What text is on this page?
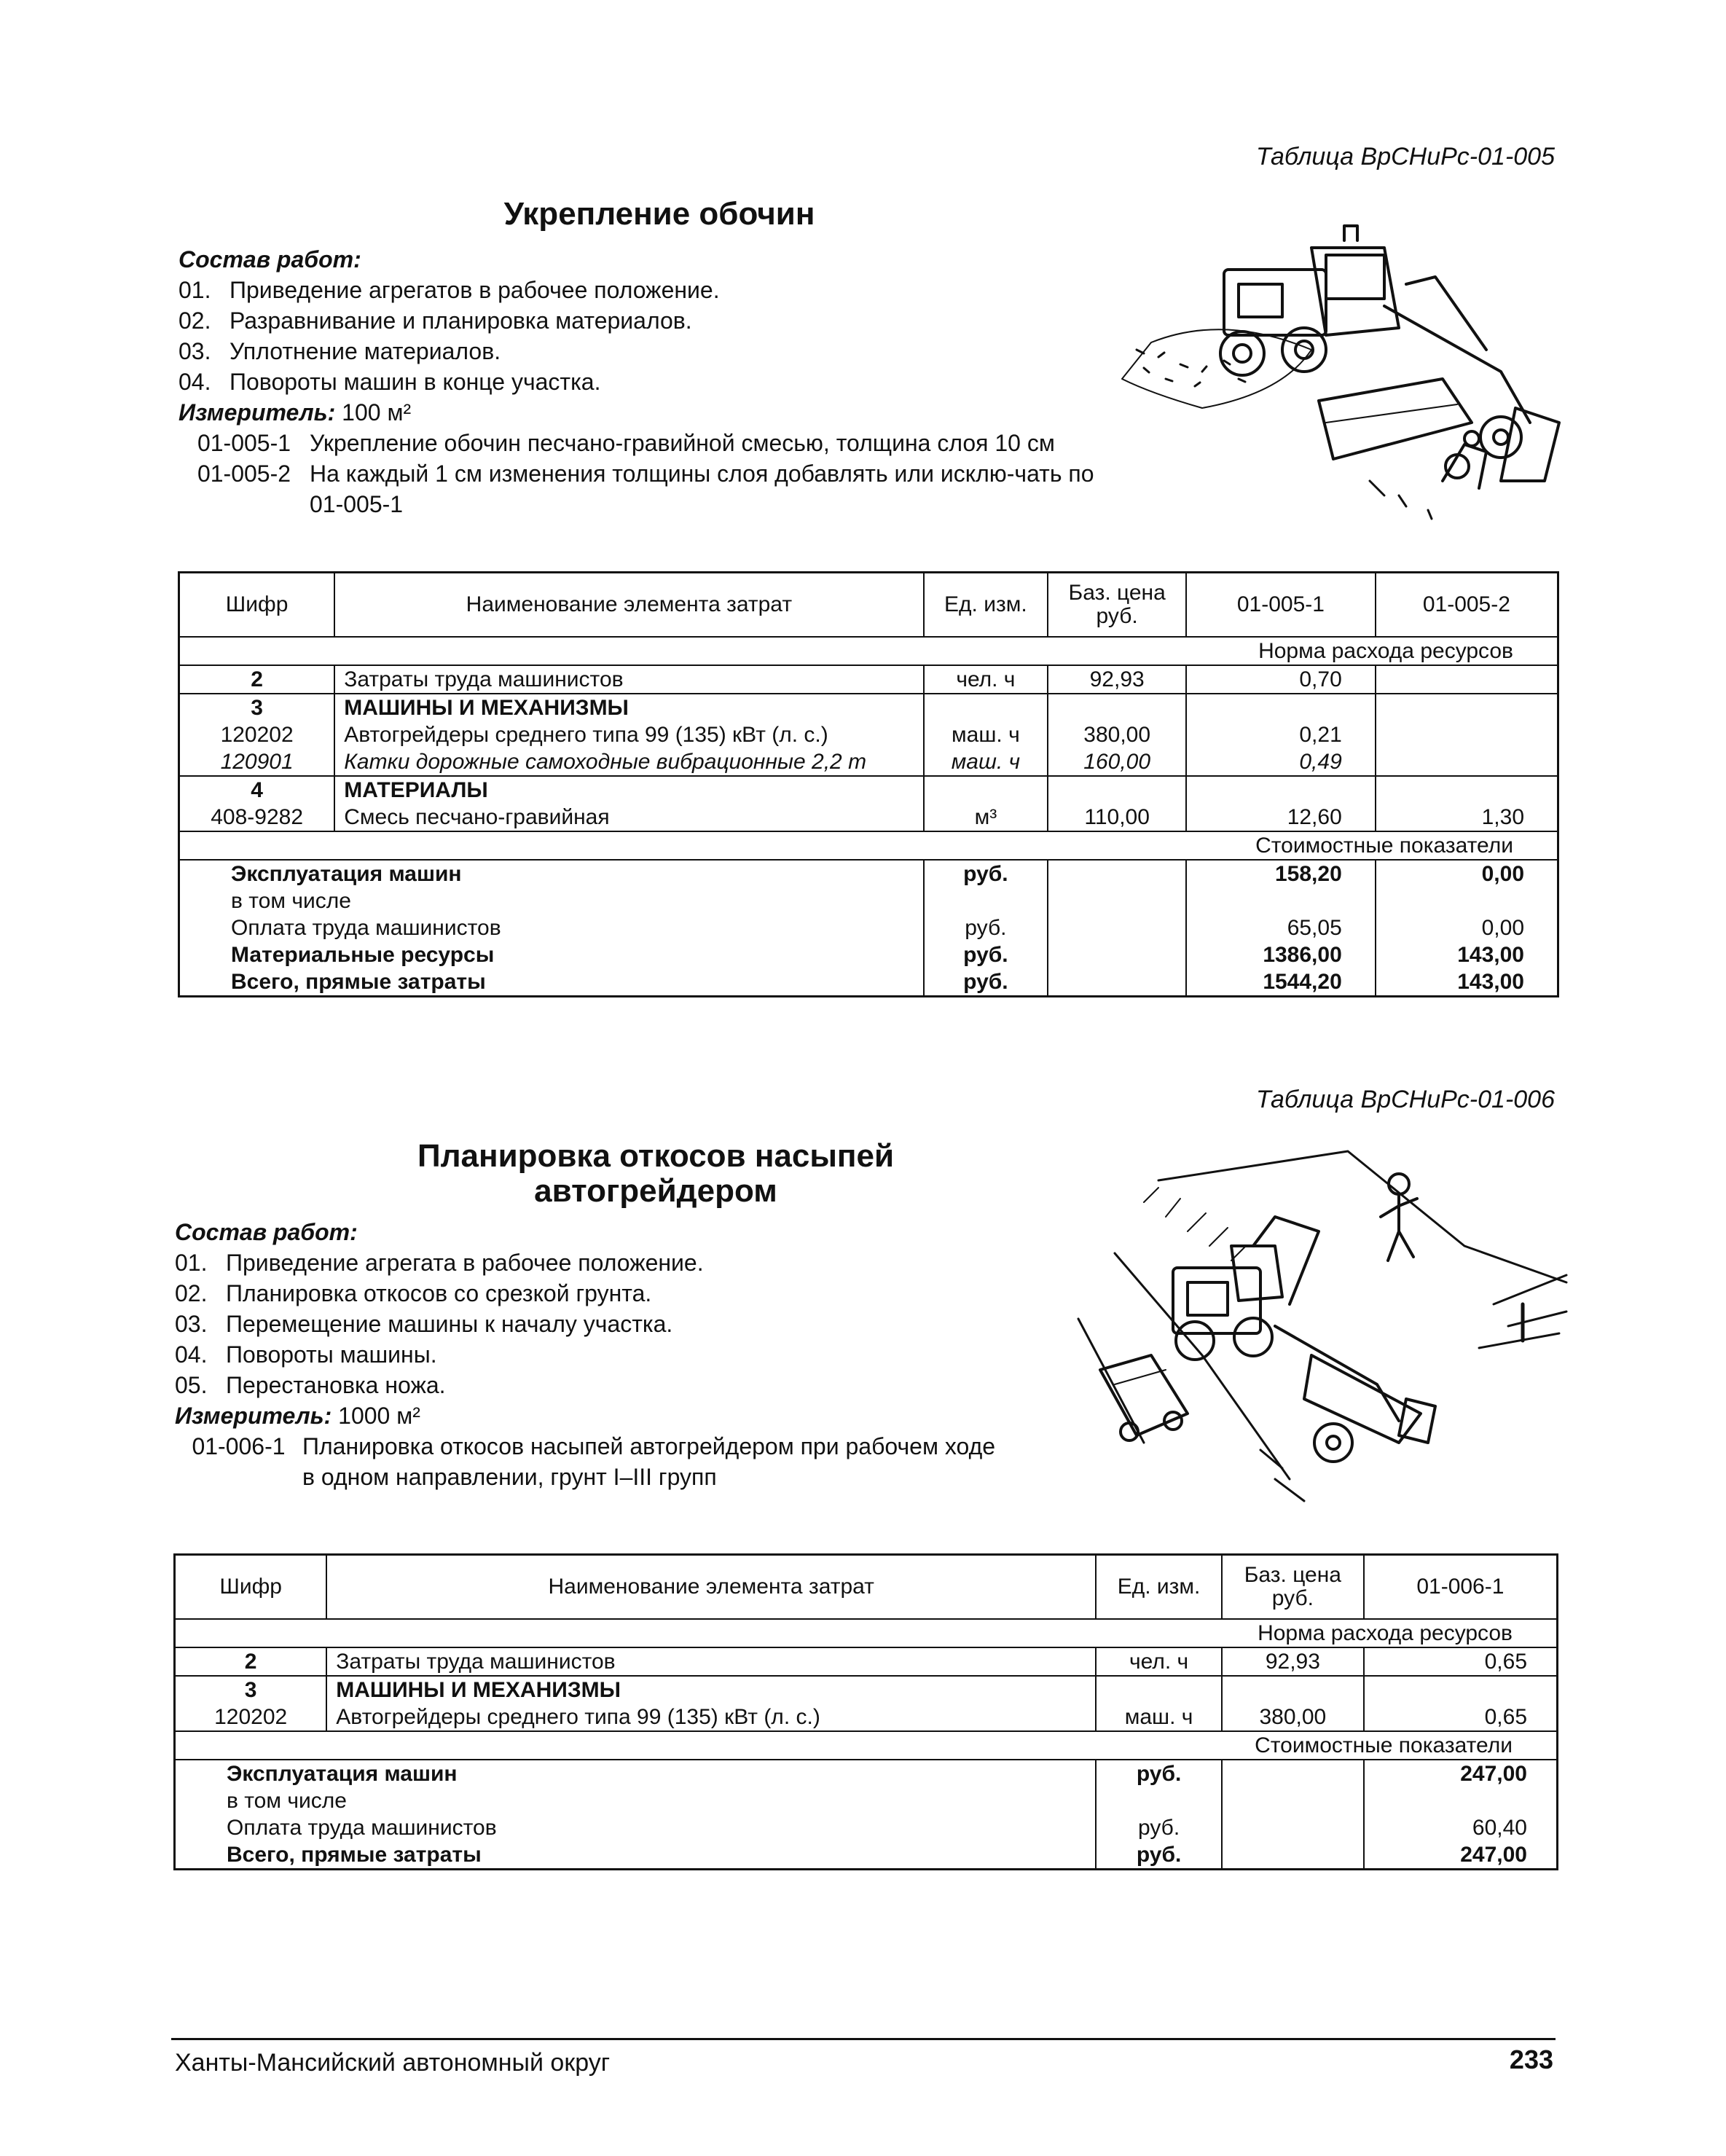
Таблица ВрСНиРс-01-005
Укрепление обочин
Состав работ:
01. Приведение агрегатов в рабочее положение.
02. Разравнивание и планировка материалов.
03. Уплотнение материалов.
04. Повороты машин в конце участка.
Измеритель: 100 м²
01-005-1 Укрепление обочин песчано-гравийной смесью, толщина слоя 10 см
01-005-2 На каждый 1 см изменения толщины слоя добавлять или исклю-чать по 01-005-1
Шифр	Наименование элемента затрат	Ед. изм.	Баз. цена руб.	01-005-1	01-005-2
Норма расхода ресурсов					
2	Затраты труда машинистов	чел. ч	92,93	0,70	
3	МАШИНЫ И МЕХАНИЗМЫ				
120202	Автогрейдеры среднего типа 99 (135) кВт (л. с.)	маш. ч	380,00	0,21	
120901	Катки дорожные самоходные вибрационные 2,2 т	маш. ч	160,00	0,49	
4	МАТЕРИАЛЫ				
408-9282	Смесь песчано-гравийная	м³	110,00	12,60	1,30
Стоимостные показатели					
Эксплуатация машин		руб.		158,20	0,00
в том числе					
Оплата труда машинистов		руб.		65,05	0,00
Материальные ресурсы		руб.		1386,00	143,00
Всего, прямые затраты		руб.		1544,20	143,00
Таблица ВрСНиРс-01-006
Планировка откосов насыпей
автогрейдером
Состав работ:
01. Приведение агрегата в рабочее положение.
02. Планировка откосов со срезкой грунта.
03. Перемещение машины к началу участка.
04. Повороты машины.
05. Перестановка ножа.
Измеритель: 1000 м²
01-006-1 Планировка откосов насыпей автогрейдером при рабочем ходе в одном направлении, грунт I–III групп
Шифр	Наименование элемента затрат	Ед. изм.	Баз. цена руб.	01-006-1
Норма расхода ресурсов				
2	Затраты труда машинистов	чел. ч	92,93	0,65
3	МАШИНЫ И МЕХАНИЗМЫ			
120202	Автогрейдеры среднего типа 99 (135) кВт (л. с.)	маш. ч	380,00	0,65
Стоимостные показатели				
Эксплуатация машин		руб.		247,00
в том числе				
Оплата труда машинистов		руб.		60,40
Всего, прямые затраты		руб.		247,00
Ханты-Мансийский автономный округ	233
